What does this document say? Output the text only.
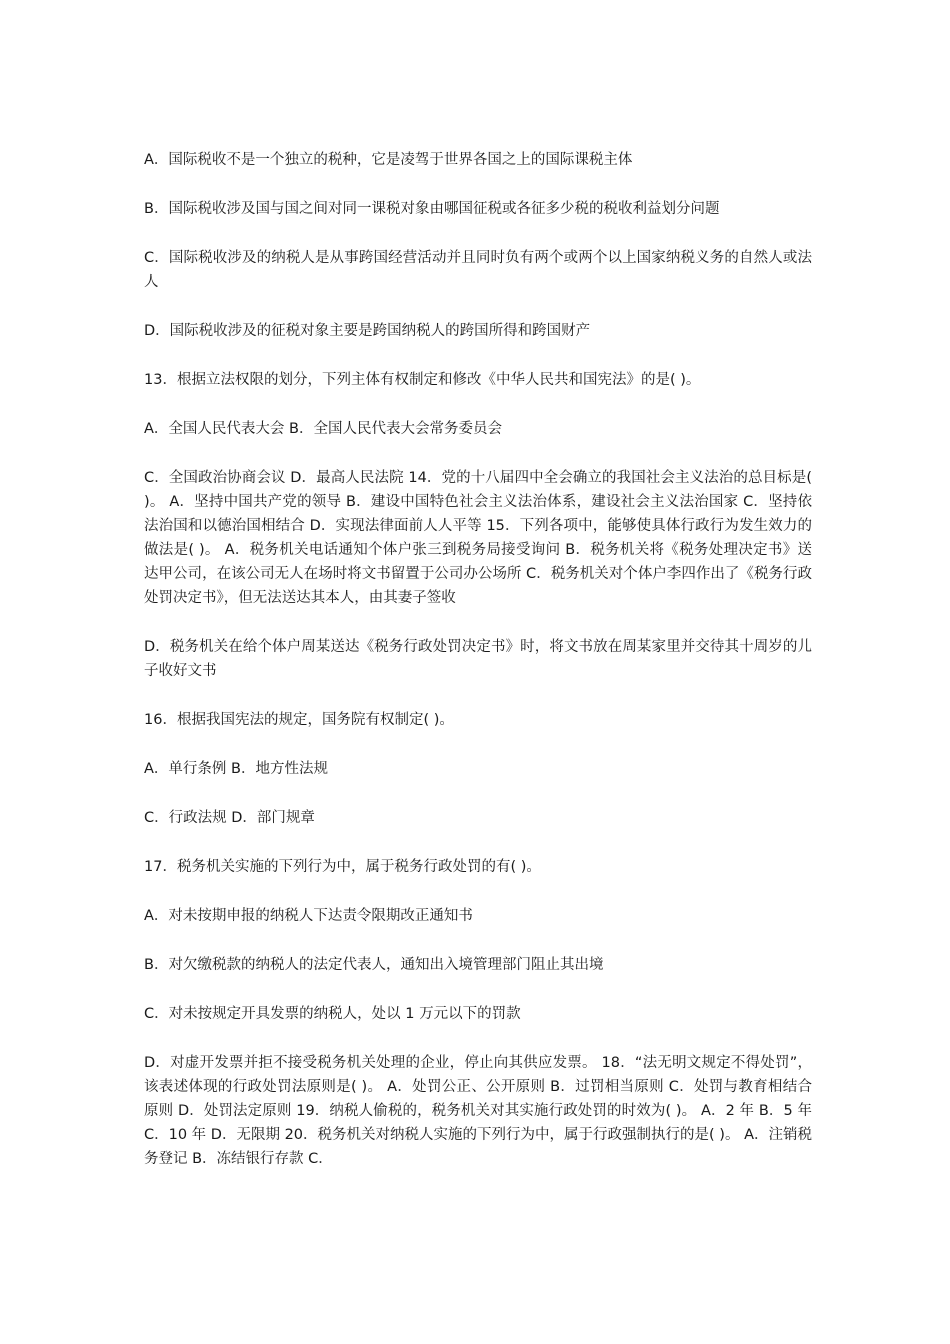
A．国际税收不是一个独立的税种，它是凌驾于世界各国之上的国际课税主体

B．国际税收涉及国与国之间对同一课税对象由哪国征税或各征多少税的税收利益划分问题

C．国际税收涉及的纳税人是从事跨国经营活动并且同时负有两个或两个以上国家纳税义务的自然人或法人

D．国际税收涉及的征税对象主要是跨国纳税人的跨国所得和跨国财产

13．根据立法权限的划分，下列主体有权制定和修改《中华人民共和国宪法》的是( )。

A．全国人民代表大会 B．全国人民代表大会常务委员会

C．全国政治协商会议 D．最高人民法院 14．党的十八届四中全会确立的我国社会主义法治的总目标是( )。 A．坚持中国共产党的领导 B．建设中国特色社会主义法治体系，建设社会主义法治国家 C．坚持依法治国和以德治国相结合 D．实现法律面前人人平等 15．下列各项中，能够使具体行政行为发生效力的做法是( )。 A．税务机关电话通知个体户张三到税务局接受询问 B．税务机关将《税务处理决定书》送达甲公司，在该公司无人在场时将文书留置于公司办公场所 C．税务机关对个体户李四作出了《税务行政处罚决定书》，但无法送达其本人，由其妻子签收

D．税务机关在给个体户周某送达《税务行政处罚决定书》时，将文书放在周某家里并交待其十周岁的儿子收好文书

16．根据我国宪法的规定，国务院有权制定( )。

A．单行条例 B．地方性法规

C．行政法规 D．部门规章

17．税务机关实施的下列行为中，属于税务行政处罚的有( )。

A．对未按期申报的纳税人下达责令限期改正通知书

B．对欠缴税款的纳税人的法定代表人，通知出入境管理部门阻止其出境

C．对未按规定开具发票的纳税人，处以 1 万元以下的罚款

D．对虚开发票并拒不接受税务机关处理的企业，停止向其供应发票。 18．“法无明文规定不得处罚”，该表述体现的行政处罚法原则是( )。 A．处罚公正、公开原则 B．过罚相当原则 C．处罚与教育相结合原则 D．处罚法定原则 19．纳税人偷税的，税务机关对其实施行政处罚的时效为( )。 A．2 年 B．5 年 C．10 年 D．无限期 20．税务机关对纳税人实施的下列行为中，属于行政强制执行的是( )。 A．注销税务登记 B．冻结银行存款 C．
